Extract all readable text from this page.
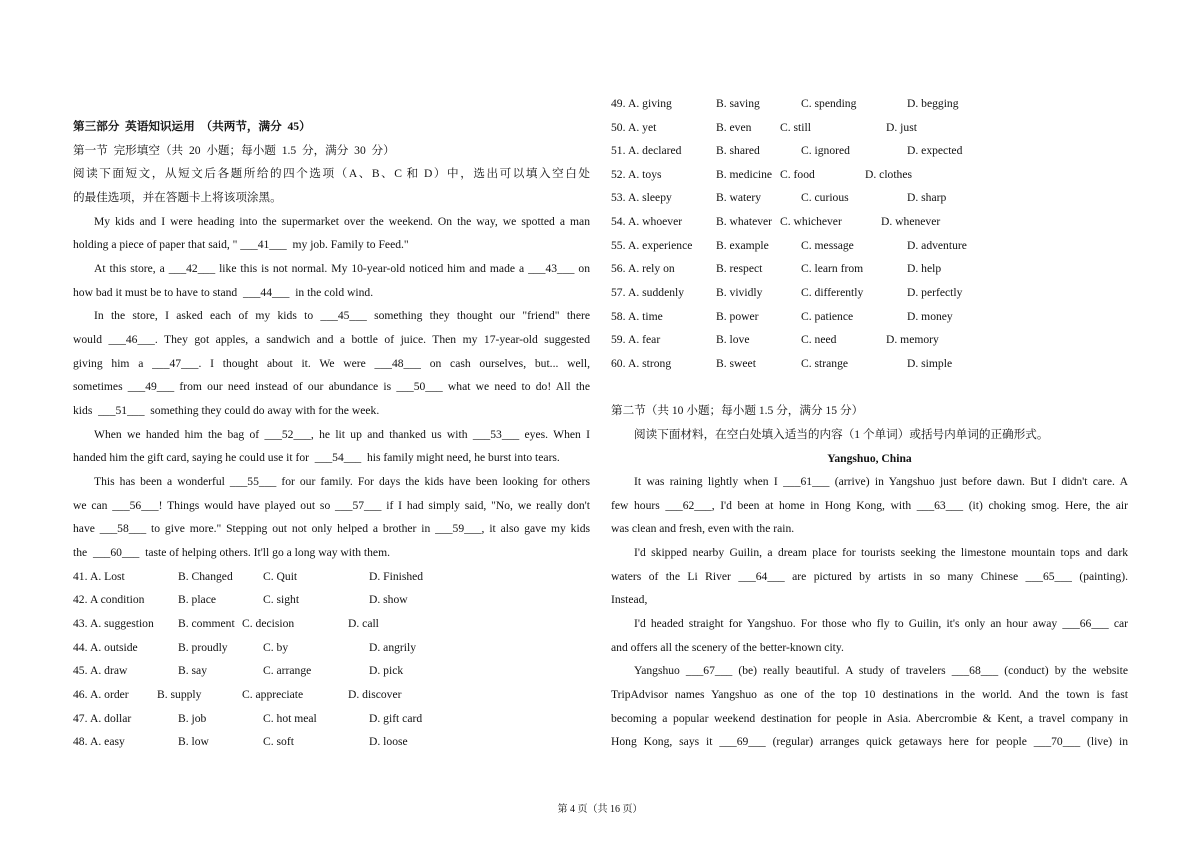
第三部分  英语知识运用  （共两节，满分  45）
第一节  完形填空（共  20  小题；每小题  1.5  分，满分  30  分）
阅读下面短文，从短文后各题所给的四个选项（A、B、C 和 D）中，选出可以填入空白处
的最佳选项，并在答题卡上将该项涂黑。
My kids and I were heading into the supermarket over the weekend. On the way, we spotted a man
holding a piece of paper that said, " ___41___  my job. Family to Feed."
At this store, a ___42___ like this is not normal. My 10-year-old noticed him and made a ___43___ on
how bad it must be to have to stand  ___44___  in the cold wind.
In the store, I asked each of my kids to ___45___ something they thought our "friend" there
would ___46___. They got apples, a sandwich and a bottle of juice. Then my 17-year-old suggested
giving him a ___47___. I thought about it. We were ___48___ on cash ourselves, but... well,
sometimes ___49___ from our need instead of our abundance is ___50___ what we need to do! All the
kids  ___51___  something they could do away with for the week.
When we handed him the bag of ___52___, he lit up and thanked us with ___53___ eyes. When I
handed him the gift card, saying he could use it for  ___54___  his family might need, he burst into tears.
This has been a wonderful ___55___ for our family. For days the kids have been looking for others
we can ___56___! Things would have played out so ___57___ if I had simply said, "No, we really don't
have ___58___ to give more." Stepping out not only helped a brother in ___59___, it also gave my kids
the  ___60___  taste of helping others. It'll go a long way with them.

41. A. Lost	B. Changed	C. Quit	D. Finished

42. A condition	B. place	C. sight	D. show

43. A. suggestion B. comment C. decision	D. call

44. A. outside	B. proudly	C. by	D. angrily

45. A. draw	B. say	C. arrange	D. pick

46. A. order B. supply	C. appreciate	D. discover

47. A. dollar	B. job	C. hot meal	D. gift card

48. A. easy	B. low	C. soft	D. loose

49. A. giving	B. saving	C. spending	D. begging

50. A. yet	B. even C. still	D. just

51. A. declared	B. shared	C. ignored	D. expected

52. A. toys	B. medicine C. food	D. clothes

53. A. sleepy	B. watery	C. curious	D. sharp

54. A. whoever	B. whatever C. whichever	D. whenever

55. A. experience B. example	C. message	D. adventure

56. A. rely on	B. respect	C. learn from	D. help

57. A. suddenly	B. vividly	C. differently	D. perfectly

58. A. time	B. power	C. patience	D. money

59. A. fear	B. love	C. need	D. memory

60. A. strong	B. sweet	C. strange	D. simple

第二节（共 10 小题；每小题 1.5 分，满分 15 分）
阅读下面材料，在空白处填入适当的内容（1 个单词）或括号内单词的正确形式。
Yangshuo, China
It was raining lightly when I ___61___ (arrive) in Yangshuo just before dawn. But I didn't care. A
few hours ___62___, I'd been at home in Hong Kong, with ___63___ (it) choking smog. Here, the air
was clean and fresh, even with the rain.
I'd skipped nearby Guilin, a dream place for tourists seeking the limestone mountain tops and dark
waters of the Li River ___64___ are pictured by artists in so many Chinese ___65___ (painting).
Instead,
I'd headed straight for Yangshuo. For those who fly to Guilin, it's only an hour away ___66___ car
and offers all the scenery of the better-known city.
Yangshuo ___67___ (be) really beautiful. A study of travelers ___68___ (conduct) by the website
TripAdvisor names Yangshuo as one of the top 10 destinations in the world. And the town is fast
becoming a popular weekend destination for people in Asia. Abercrombie & Kent, a travel company in
Hong Kong, says it ___69___ (regular) arranges quick getaways here for people ___70___ (live) in
第 4 页（共 16 页）
